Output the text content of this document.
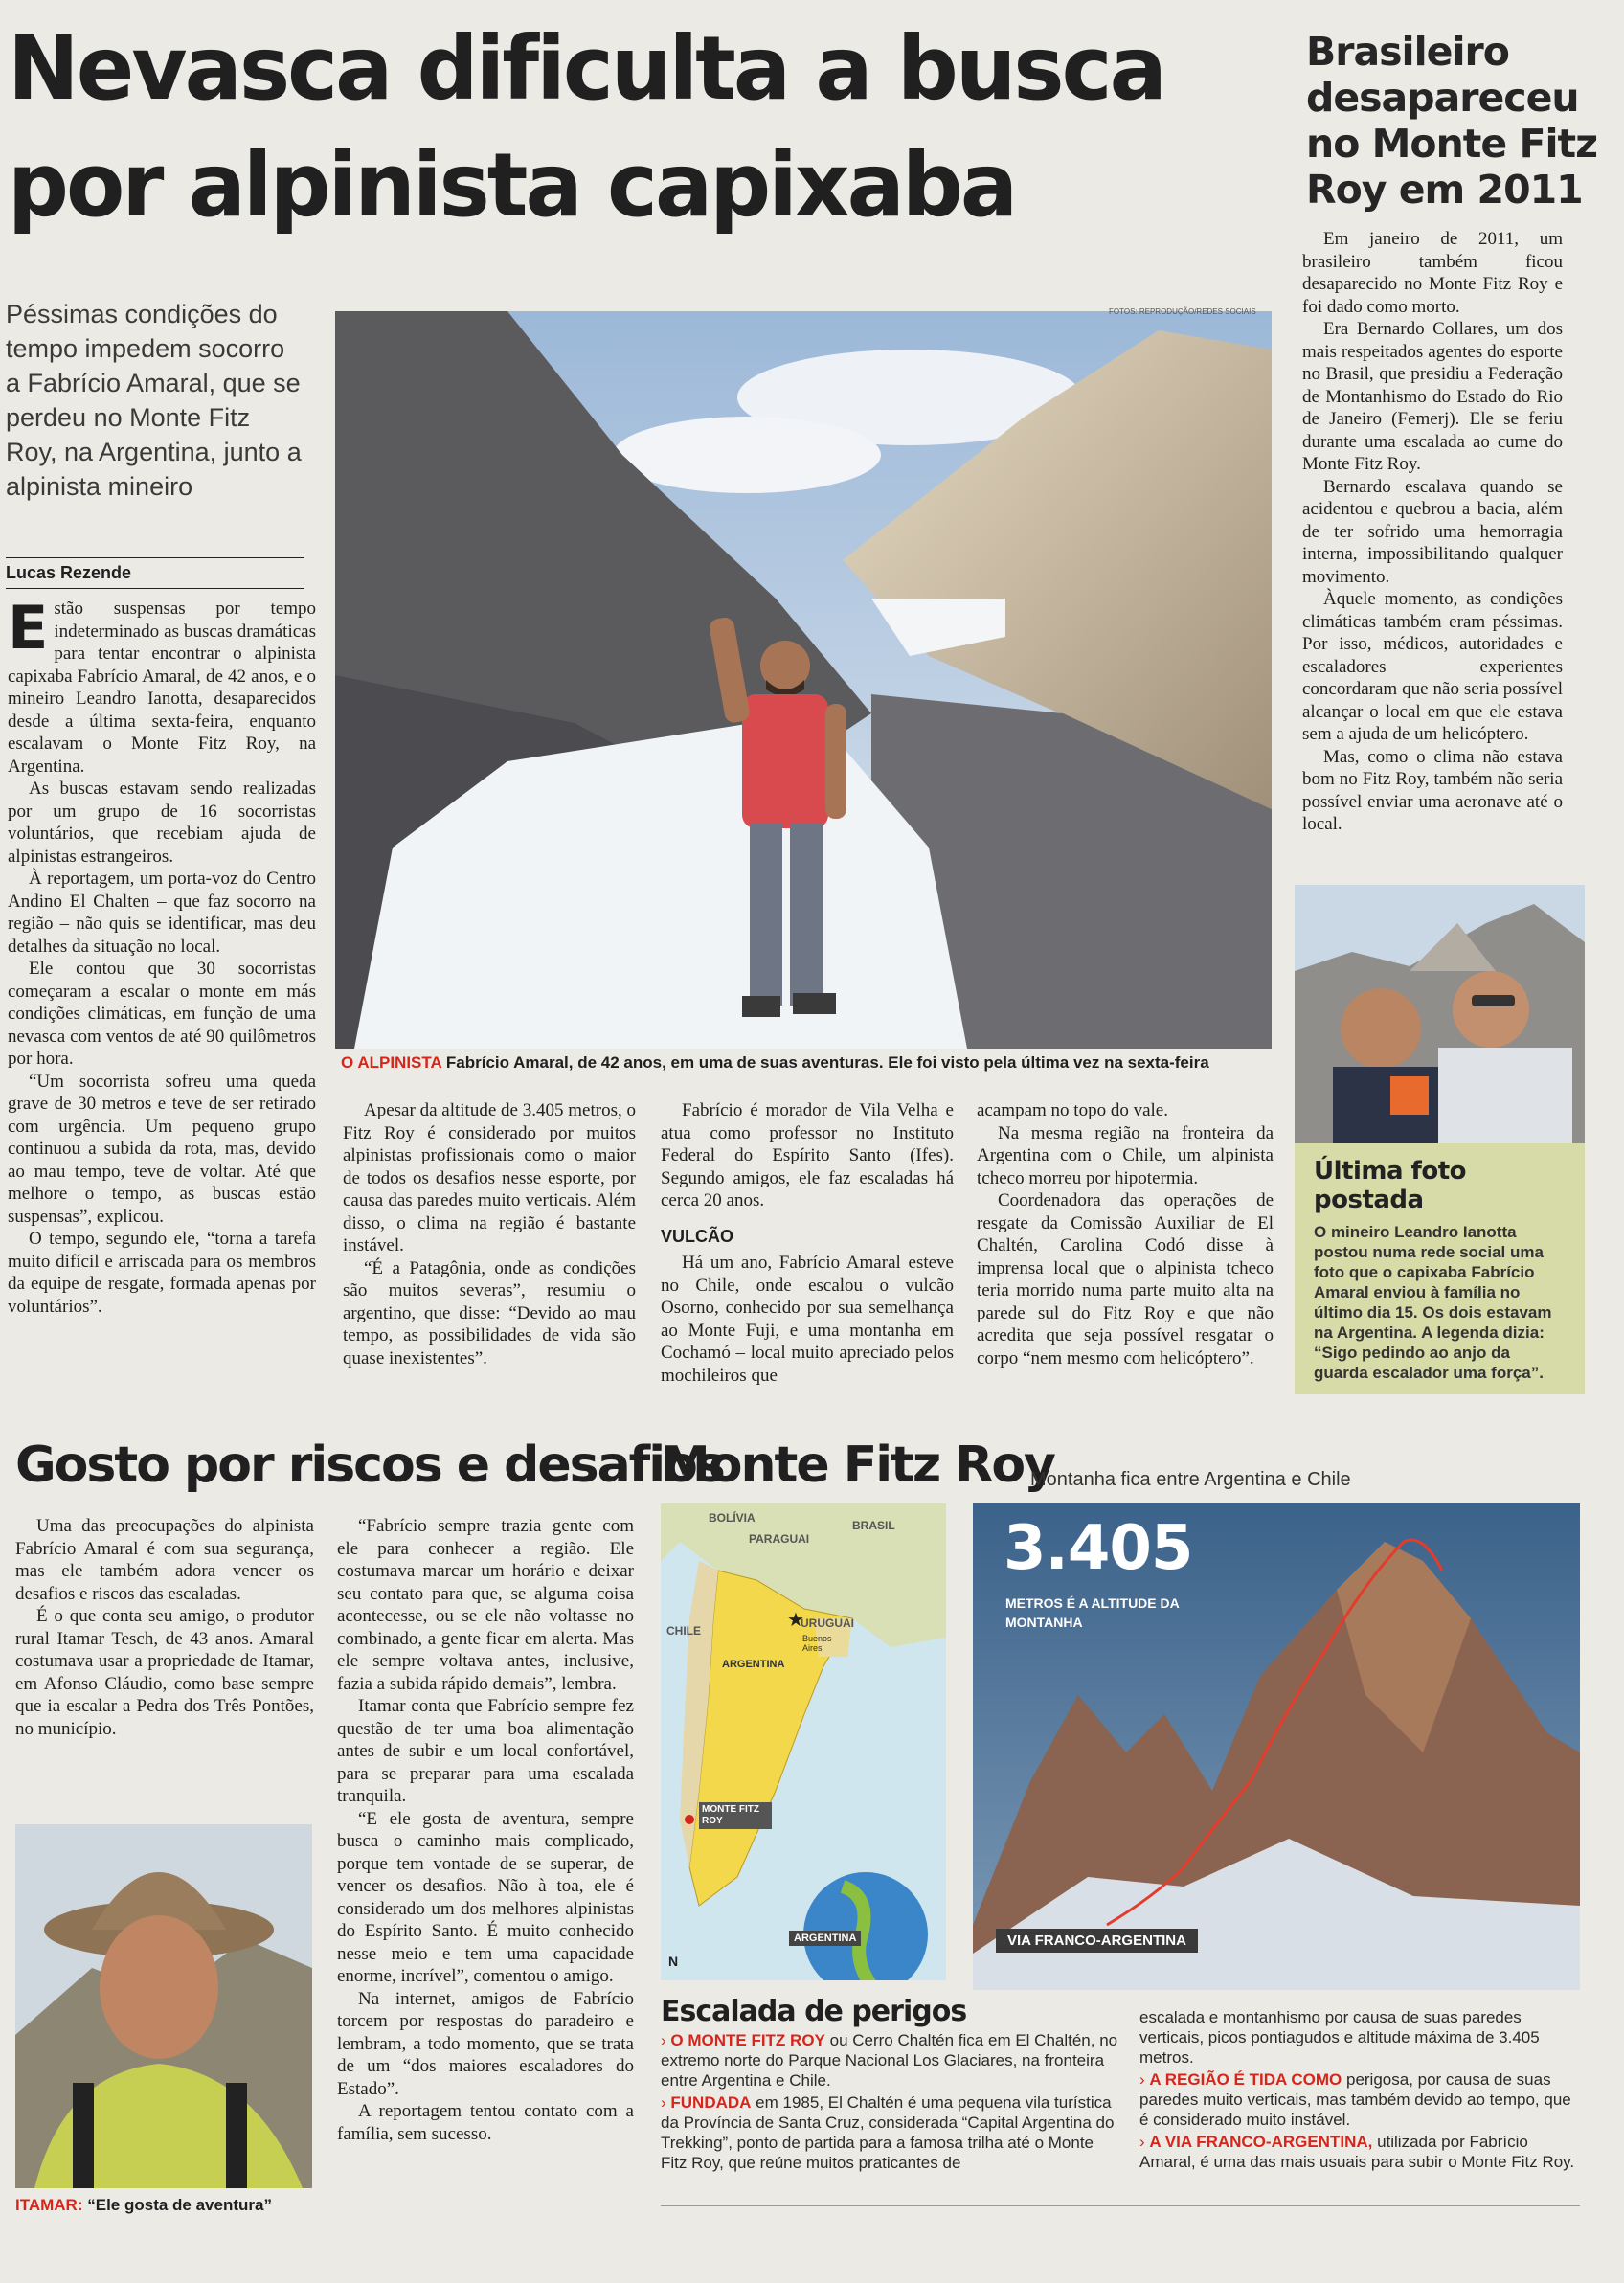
Nevasca dificulta a busca
por alpinista capixaba
Péssimas condições do tempo impedem socorro a Fabrício Amaral, que se perdeu no Monte Fitz Roy, na Argentina, junto a alpinista mineiro
Lucas Rezende
FOTOS: REPRODUÇÃO/REDES SOCIAIS
O ALPINISTA Fabrício Amaral, de 42 anos, em uma de suas aventuras. Ele foi visto pela última vez na sexta-feira

E stão suspensas por tempo indeterminado as buscas dramáticas para tentar encontrar o alpinista capixaba Fabrício Amaral, de 42 anos, e o mineiro Leandro Ianotta, desaparecidos desde a última sexta-feira, enquanto escalavam o Monte Fitz Roy, na Argentina.

As buscas estavam sendo realizadas por um grupo de 16 socorristas voluntários, que recebiam ajuda de alpinistas estrangeiros.

À reportagem, um porta-voz do Centro Andino El Chalten – que faz socorro na região – não quis se identificar, mas deu detalhes da situação no local.

Ele contou que 30 socorristas começaram a escalar o monte em más condições climáticas, em função de uma nevasca com ventos de até 90 quilômetros por hora.

“Um socorrista sofreu uma queda grave de 30 metros e teve de ser retirado com urgência. Um pequeno grupo continuou a subida da rota, mas, devido ao mau tempo, teve de voltar. Até que melhore o tempo, as buscas estão suspensas”, explicou.

O tempo, segundo ele, “torna a tarefa muito difícil e arriscada para os membros da equipe de resgate, formada apenas por voluntários”.

Apesar da altitude de 3.405 metros, o Fitz Roy é considerado por muitos alpinistas profissionais como o maior de todos os desafios nesse esporte, por causa das paredes muito verticais. Além disso, o clima na região é bastante instável.

“É a Patagônia, onde as condições são muitos severas”, resumiu o argentino, que disse: “Devido ao mau tempo, as possibilidades de vida são quase inexistentes”.

Fabrício é morador de Vila Velha e atua como professor no Instituto Federal do Espírito Santo (Ifes). Segundo amigos, ele faz escaladas há cerca 20 anos.

VULCÃO

Há um ano, Fabrício Amaral esteve no Chile, onde escalou o vulcão Osorno, conhecido por sua semelhança ao Monte Fuji, e uma montanha em Cochamó – local muito apreciado pelos mochileiros que

acampam no topo do vale.

Na mesma região na fronteira da Argentina com o Chile, um alpinista tcheco morreu por hipotermia.

Coordenadora das operações de resgate da Comissão Auxiliar de El Chaltén, Carolina Codó disse à imprensa local que o alpinista tcheco teria morrido numa parte muito alta na parede sul do Fitz Roy e que não acredita que seja possível resgatar o corpo “nem mesmo com helicóptero”.

Brasileiro
desapareceu
no Monte Fitz
Roy em 2011

Em janeiro de 2011, um brasileiro também ficou desaparecido no Monte Fitz Roy e foi dado como morto.

Era Bernardo Collares, um dos mais respeitados agentes do esporte no Brasil, que presidiu a Federação de Montanhismo do Estado do Rio de Janeiro (Femerj). Ele se feriu durante uma escalada ao cume do Monte Fitz Roy.

Bernardo escalava quando se acidentou e quebrou a bacia, além de ter sofrido uma hemorragia interna, impossibilitando qualquer movimento.

Àquele momento, as condições climáticas também eram péssimas. Por isso, médicos, autoridades e escaladores experientes concordaram que não seria possível alcançar o local em que ele estava sem a ajuda de um helicóptero.

Mas, como o clima não estava bom no Fitz Roy, também não seria possível enviar uma aeronave até o local.

Última foto postada

O mineiro Leandro Ianotta postou numa rede social uma foto que o capixaba Fabrício Amaral enviou à família no último dia 15. Os dois estavam na Argentina. A legenda dizia: “Sigo pedindo ao anjo da guarda escalador uma força”.

Gosto por riscos e desafios

Uma das preocupações do alpinista Fabrício Amaral é com sua segurança, mas ele também adora vencer os desafios e riscos das escaladas.

É o que conta seu amigo, o produtor rural Itamar Tesch, de 43 anos. Amaral costumava usar a propriedade de Itamar, em Afonso Cláudio, como base sempre que ia escalar a Pedra dos Três Pontões, no município.

ITAMAR: “Ele gosta de aventura”

“Fabrício sempre trazia gente com ele para conhecer a região. Ele costumava marcar um horário e deixar seu contato para que, se alguma coisa acontecesse, ou se ele não voltasse no combinado, a gente ficar em alerta. Mas ele sempre voltava antes, inclusive, fazia a subida rápido demais”, lembra.

Itamar conta que Fabrício sempre fez questão de ter uma boa alimentação antes de subir e um local confortável, para se preparar para uma escalada tranquila.

“E ele gosta de aventura, sempre busca o caminho mais complicado, porque tem vontade de se superar, de vencer os desafios. Não à toa, ele é considerado um dos melhores alpinistas do Espírito Santo. É muito conhecido nesse meio e tem uma capacidade enorme, incrível”, comentou o amigo.

Na internet, amigos de Fabrício torcem por respostas do paradeiro e lembram, a todo momento, que se trata de um “dos maiores escaladores do Estado”.

A reportagem tentou contato com a família, sem sucesso.

Monte Fitz Roy
Montanha fica entre Argentina e Chile
★
BOLÍVIA
PARAGUAI
BRASIL
URUGUAI
CHILE
ARGENTINA
Buenos Aires
MONTE FITZ ROY
ARGENTINA
N
3.405
METROS É A ALTITUDE DA MONTANHA
VIA FRANCO-ARGENTINA
Escalada de perigos

› O MONTE FITZ ROY ou Cerro Chaltén fica em El Chaltén, no extremo norte do Parque Nacional Los Glaciares, na fronteira entre Argentina e Chile.

› FUNDADA em 1985, El Chaltén é uma pequena vila turística da Província de Santa Cruz, considerada “Capital Argentina do Trekking”, ponto de partida para a famosa trilha até o Monte Fitz Roy, que reúne muitos praticantes de

escalada e montanhismo por causa de suas paredes verticais, picos pontiagudos e altitude máxima de 3.405 metros.

› A REGIÃO É TIDA COMO perigosa, por causa de suas paredes muito verticais, mas também devido ao tempo, que é considerado muito instável.

› A VIA FRANCO-ARGENTINA, utilizada por Fabrício Amaral, é uma das mais usuais para subir o Monte Fitz Roy.
